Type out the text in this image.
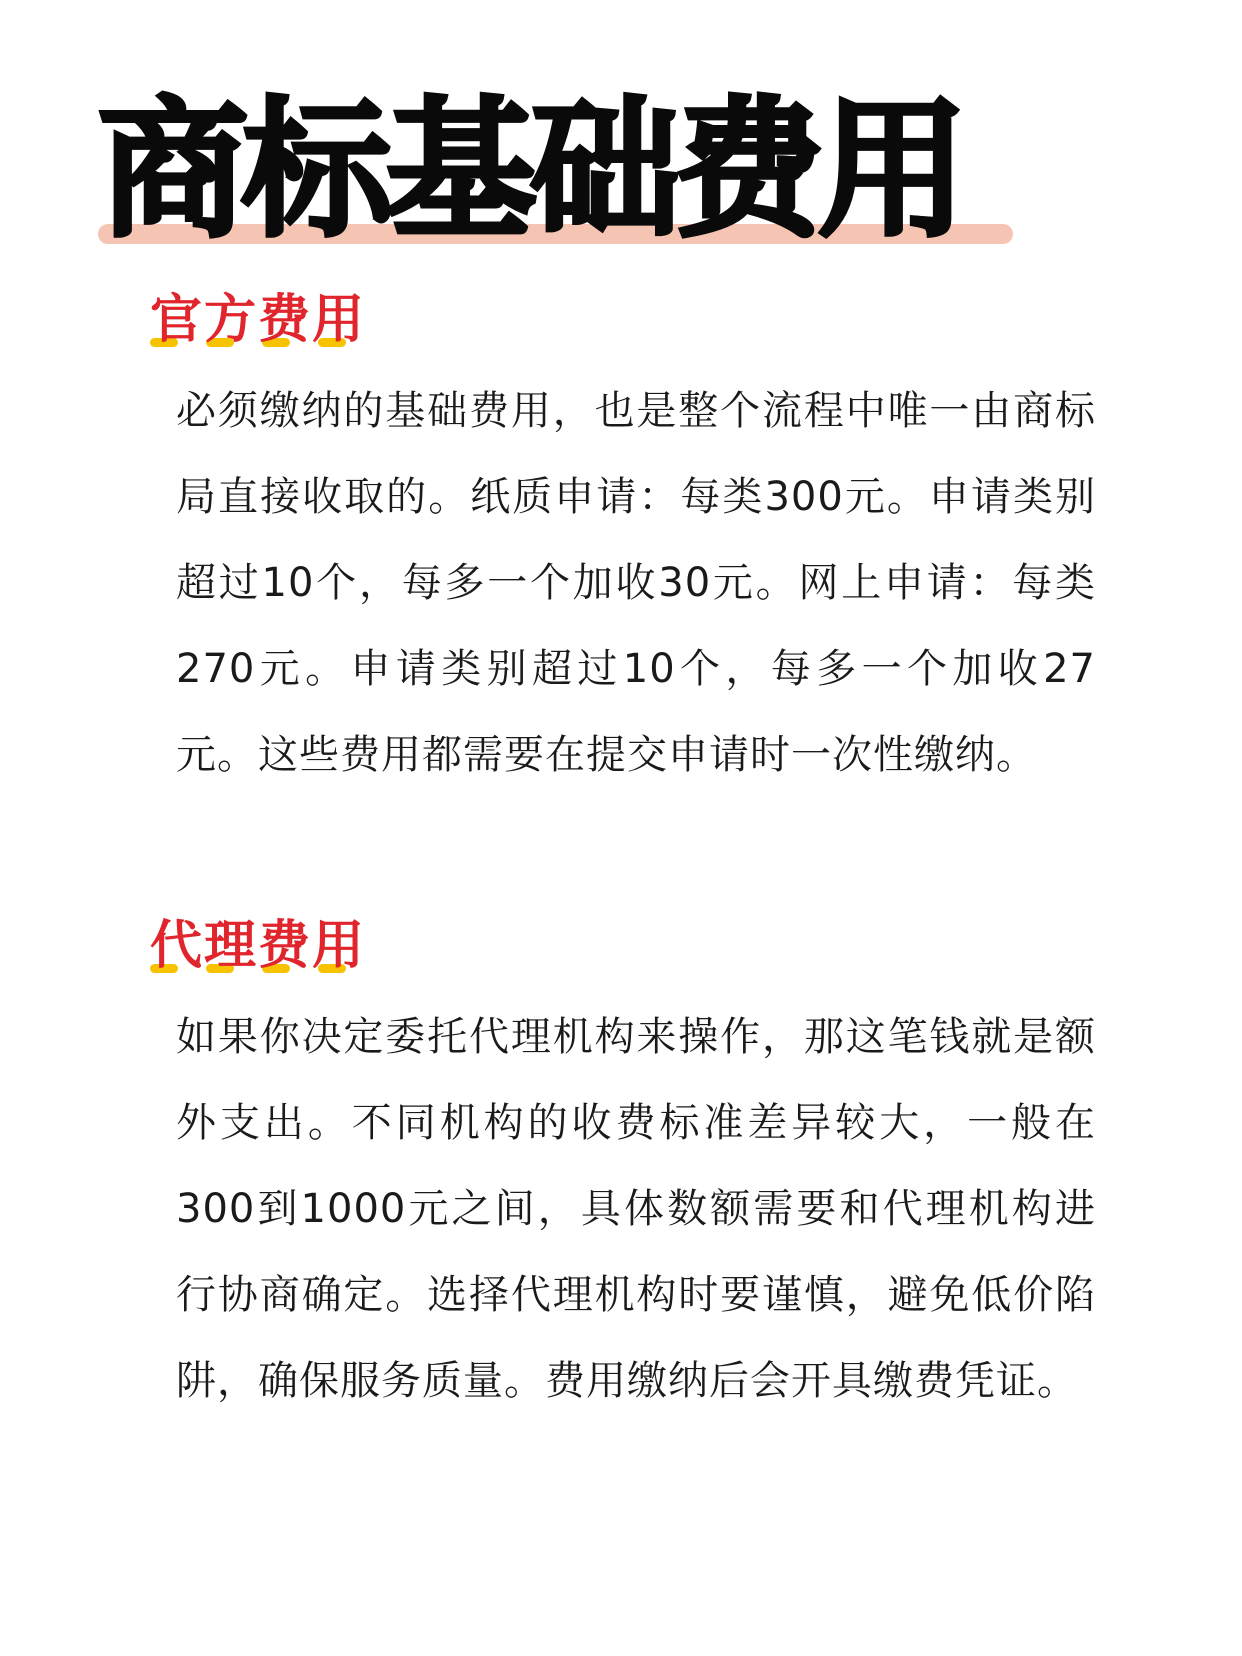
商标基础费用
官方费用

必须缴纳的基础费用，也是整个流程中唯一由商标局直接收取的。纸质申请：每类300元。申请类别超过10个，每多一个加收30元。网上申请：每类270元。申请类别超过10个，每多一个加收27元。这些费用都需要在提交申请时一次性缴纳。

代理费用

如果你决定委托代理机构来操作，那这笔钱就是额外支出。不同机构的收费标准差异较大，一般在300到1000元之间，具体数额需要和代理机构进行协商确定。选择代理机构时要谨慎，避免低价陷阱，确保服务质量。费用缴纳后会开具缴费凭证。
